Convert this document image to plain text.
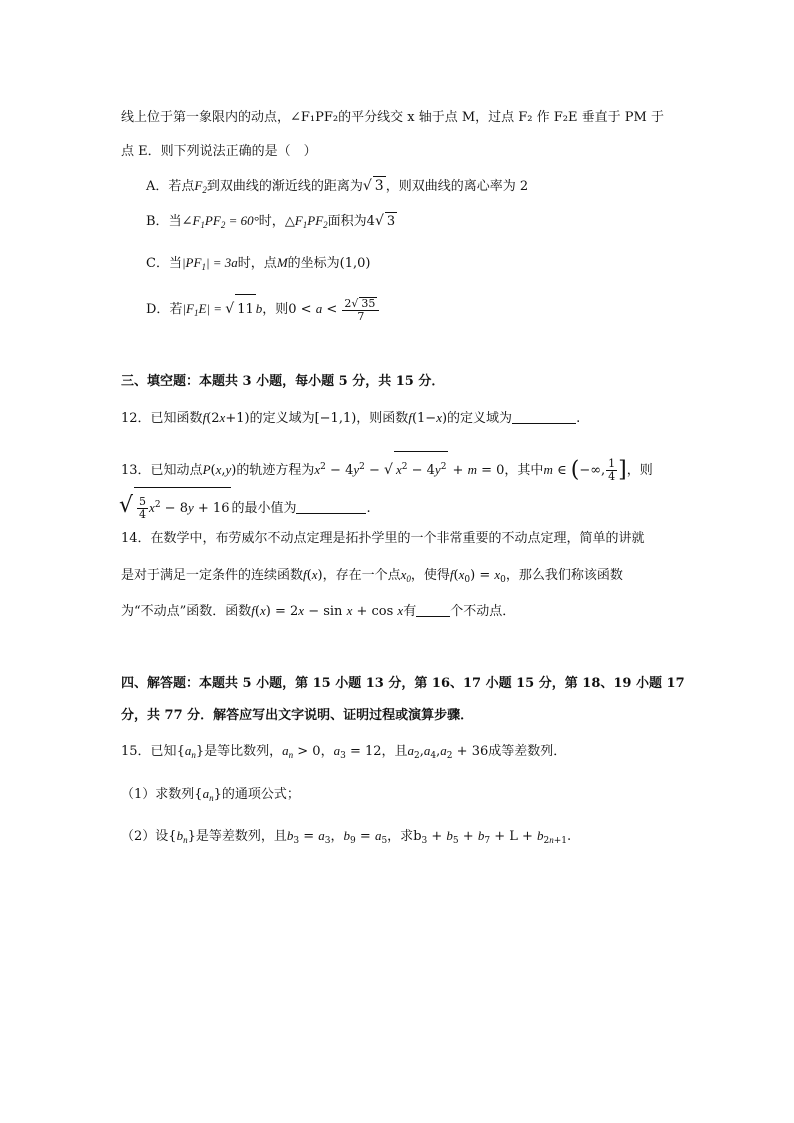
线上位于第一象限内的动点，∠F₁PF₂的平分线交 x 轴于点 M，过点 F₂ 作 F₂E 垂直于 PM 于
点 E．则下列说法正确的是（　）
A．若点$F_2$到双曲线的渐近线的距离为√ 3 ，则双曲线的离心率为 2
B．当$\angle F_1PF_2 = 60^\circ$时，$\triangle F_1PF_2$面积为4√ 3
C．当$|PF_1| = 3a$时，点M的坐标为(1,0)
D．若$|F_1E|$ = √ 11 b，则$0 < a < \frac{2√ 35}{7}$
三、填空题：本题共 3 小题，每小题 5 分，共 15 分．
12．已知函数f(2x+1)的定义域为[−1,1)，则函数f(1−x)的定义域为	.
13．已知动点P(x,y)的轨迹方程为$x^2 - 4y^2$ − √ $x^2 - 4y^2 + m = 0$，其中m ∈ (−∞, $\frac{1}{4}$ ]，则
√ $\frac{5}{4} x^2 - 8y + 16$ 的最小值为	.
14．在数学中，布劳威尔不动点定理是拓扑学里的一个非常重要的不动点定理，简单的讲就
是对于满足一定条件的连续函数f(x)，存在一个点$x_0$，使得$f(x_0) = x_0$，那么我们称该函数
为“不动点”函数．函数f(x) = 2x − sin x + cos x有	个不动点．
四、解答题：本题共 5 小题，第 15 小题 13 分，第 16、17 小题 15 分，第 18、19 小题 17
分，共 77 分．解答应写出文字说明、证明过程或演算步骤．
15．已知$\{a_n\}$是等比数列，$a_n > 0$，$a_3 = 12$，且$a_2,a_4,a_2 + 36$成等差数列．
（1）求数列$\{a_n\}$的通项公式；
（2）设$\{b_n\}$是等差数列，且$b_3 = a_3$，$b_9 = a_5$，求$b_3 + b_5 + b_7 + L + b_{2n+1}$.
